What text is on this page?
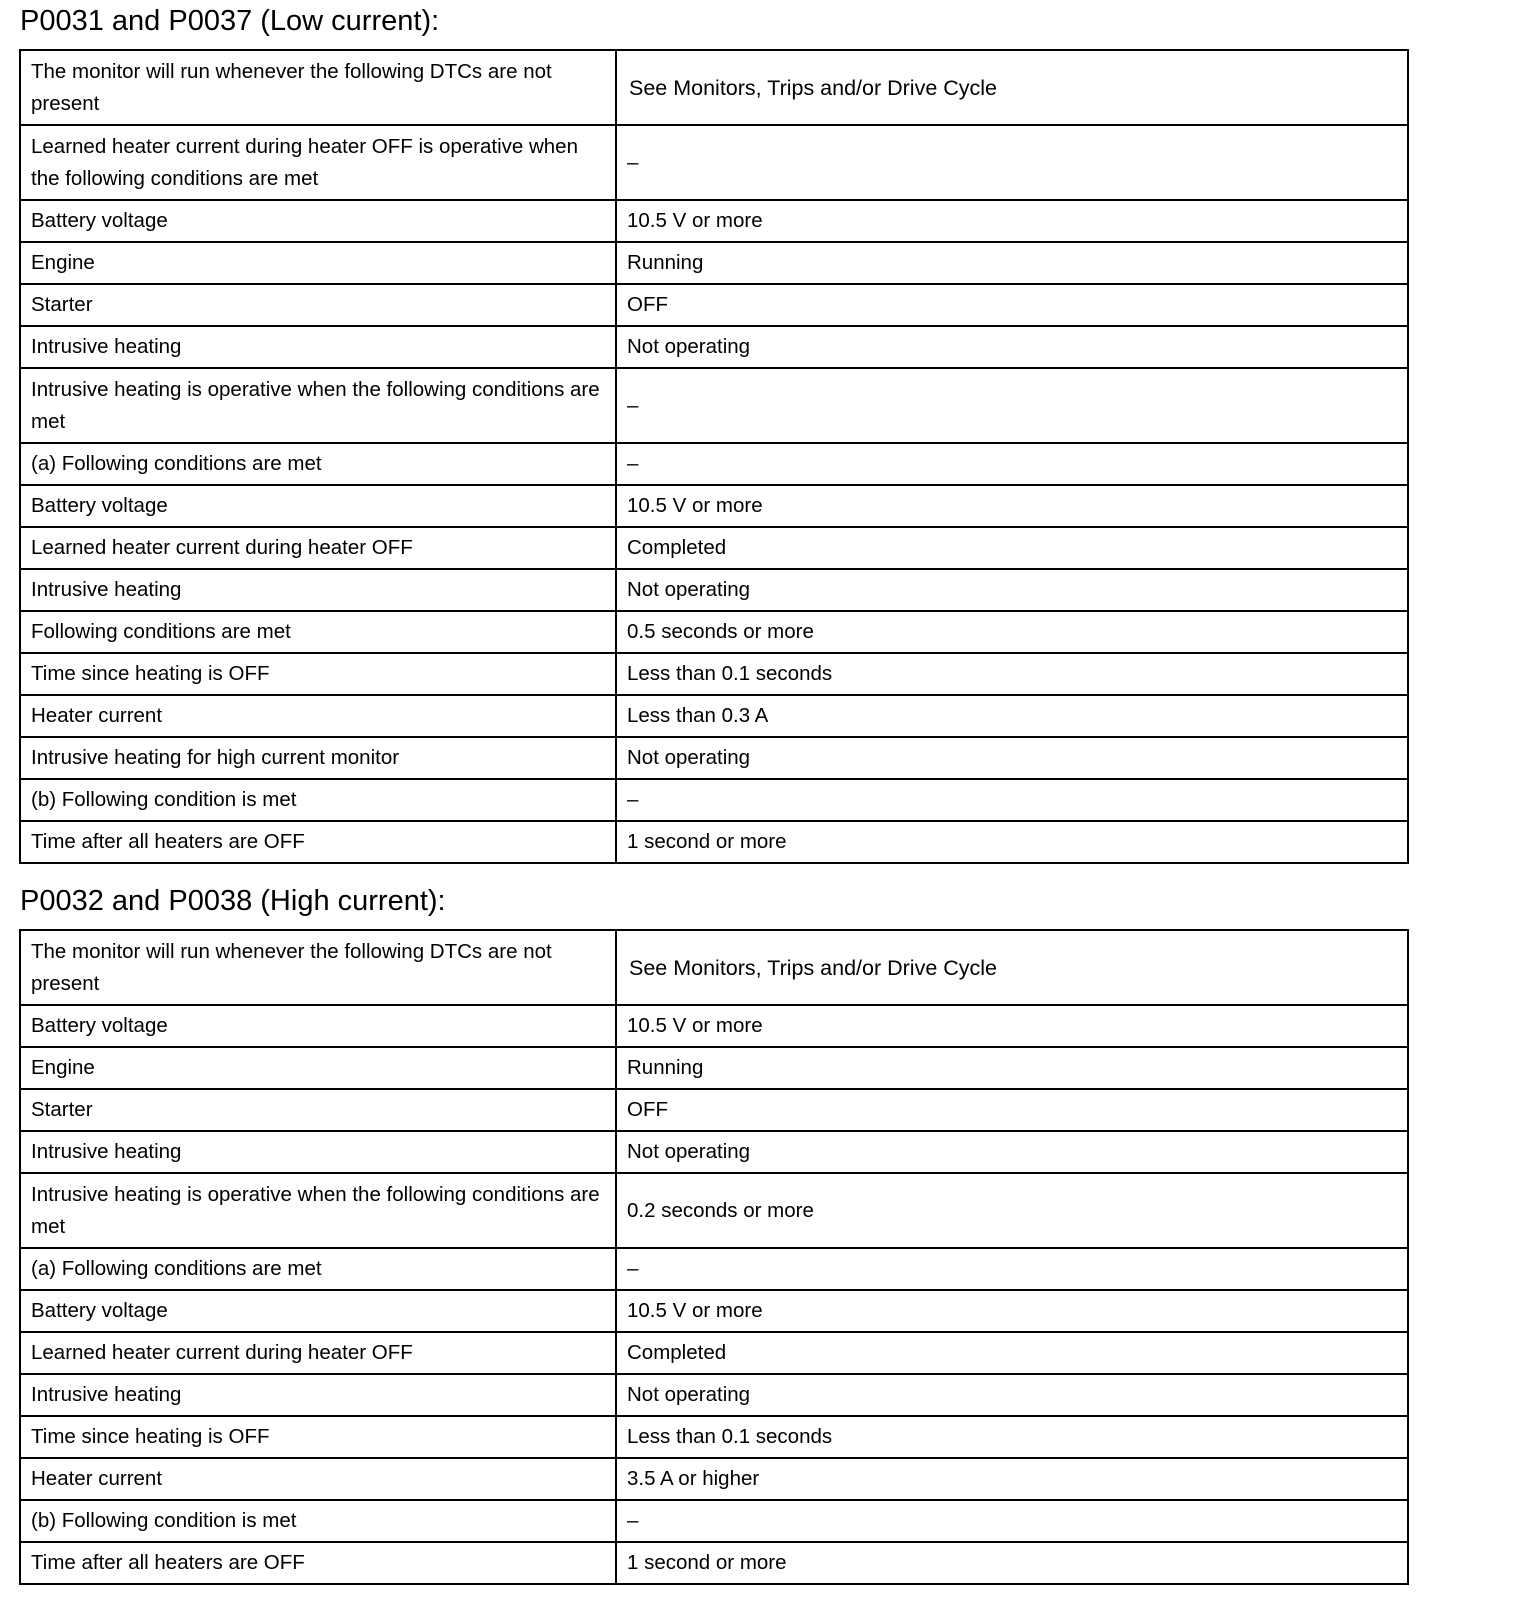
P0031 and P0037 (Low current):
The monitor will run whenever the following DTCs are not present	See Monitors, Trips and/or Drive Cycle
Learned heater current during heater OFF is operative when the following conditions are met	–
Battery voltage	10.5 V or more
Engine	Running
Starter	OFF
Intrusive heating	Not operating
Intrusive heating is operative when the following conditions are met	–
(a) Following conditions are met	–
Battery voltage	10.5 V or more
Learned heater current during heater OFF	Completed
Intrusive heating	Not operating
Following conditions are met	0.5 seconds or more
Time since heating is OFF	Less than 0.1 seconds
Heater current	Less than 0.3 A
Intrusive heating for high current monitor	Not operating
(b) Following condition is met	–
Time after all heaters are OFF	1 second or more
P0032 and P0038 (High current):
The monitor will run whenever the following DTCs are not present	See Monitors, Trips and/or Drive Cycle
Battery voltage	10.5 V or more
Engine	Running
Starter	OFF
Intrusive heating	Not operating
Intrusive heating is operative when the following conditions are met	0.2 seconds or more
(a) Following conditions are met	–
Battery voltage	10.5 V or more
Learned heater current during heater OFF	Completed
Intrusive heating	Not operating
Time since heating is OFF	Less than 0.1 seconds
Heater current	3.5 A or higher
(b) Following condition is met	–
Time after all heaters are OFF	1 second or more
